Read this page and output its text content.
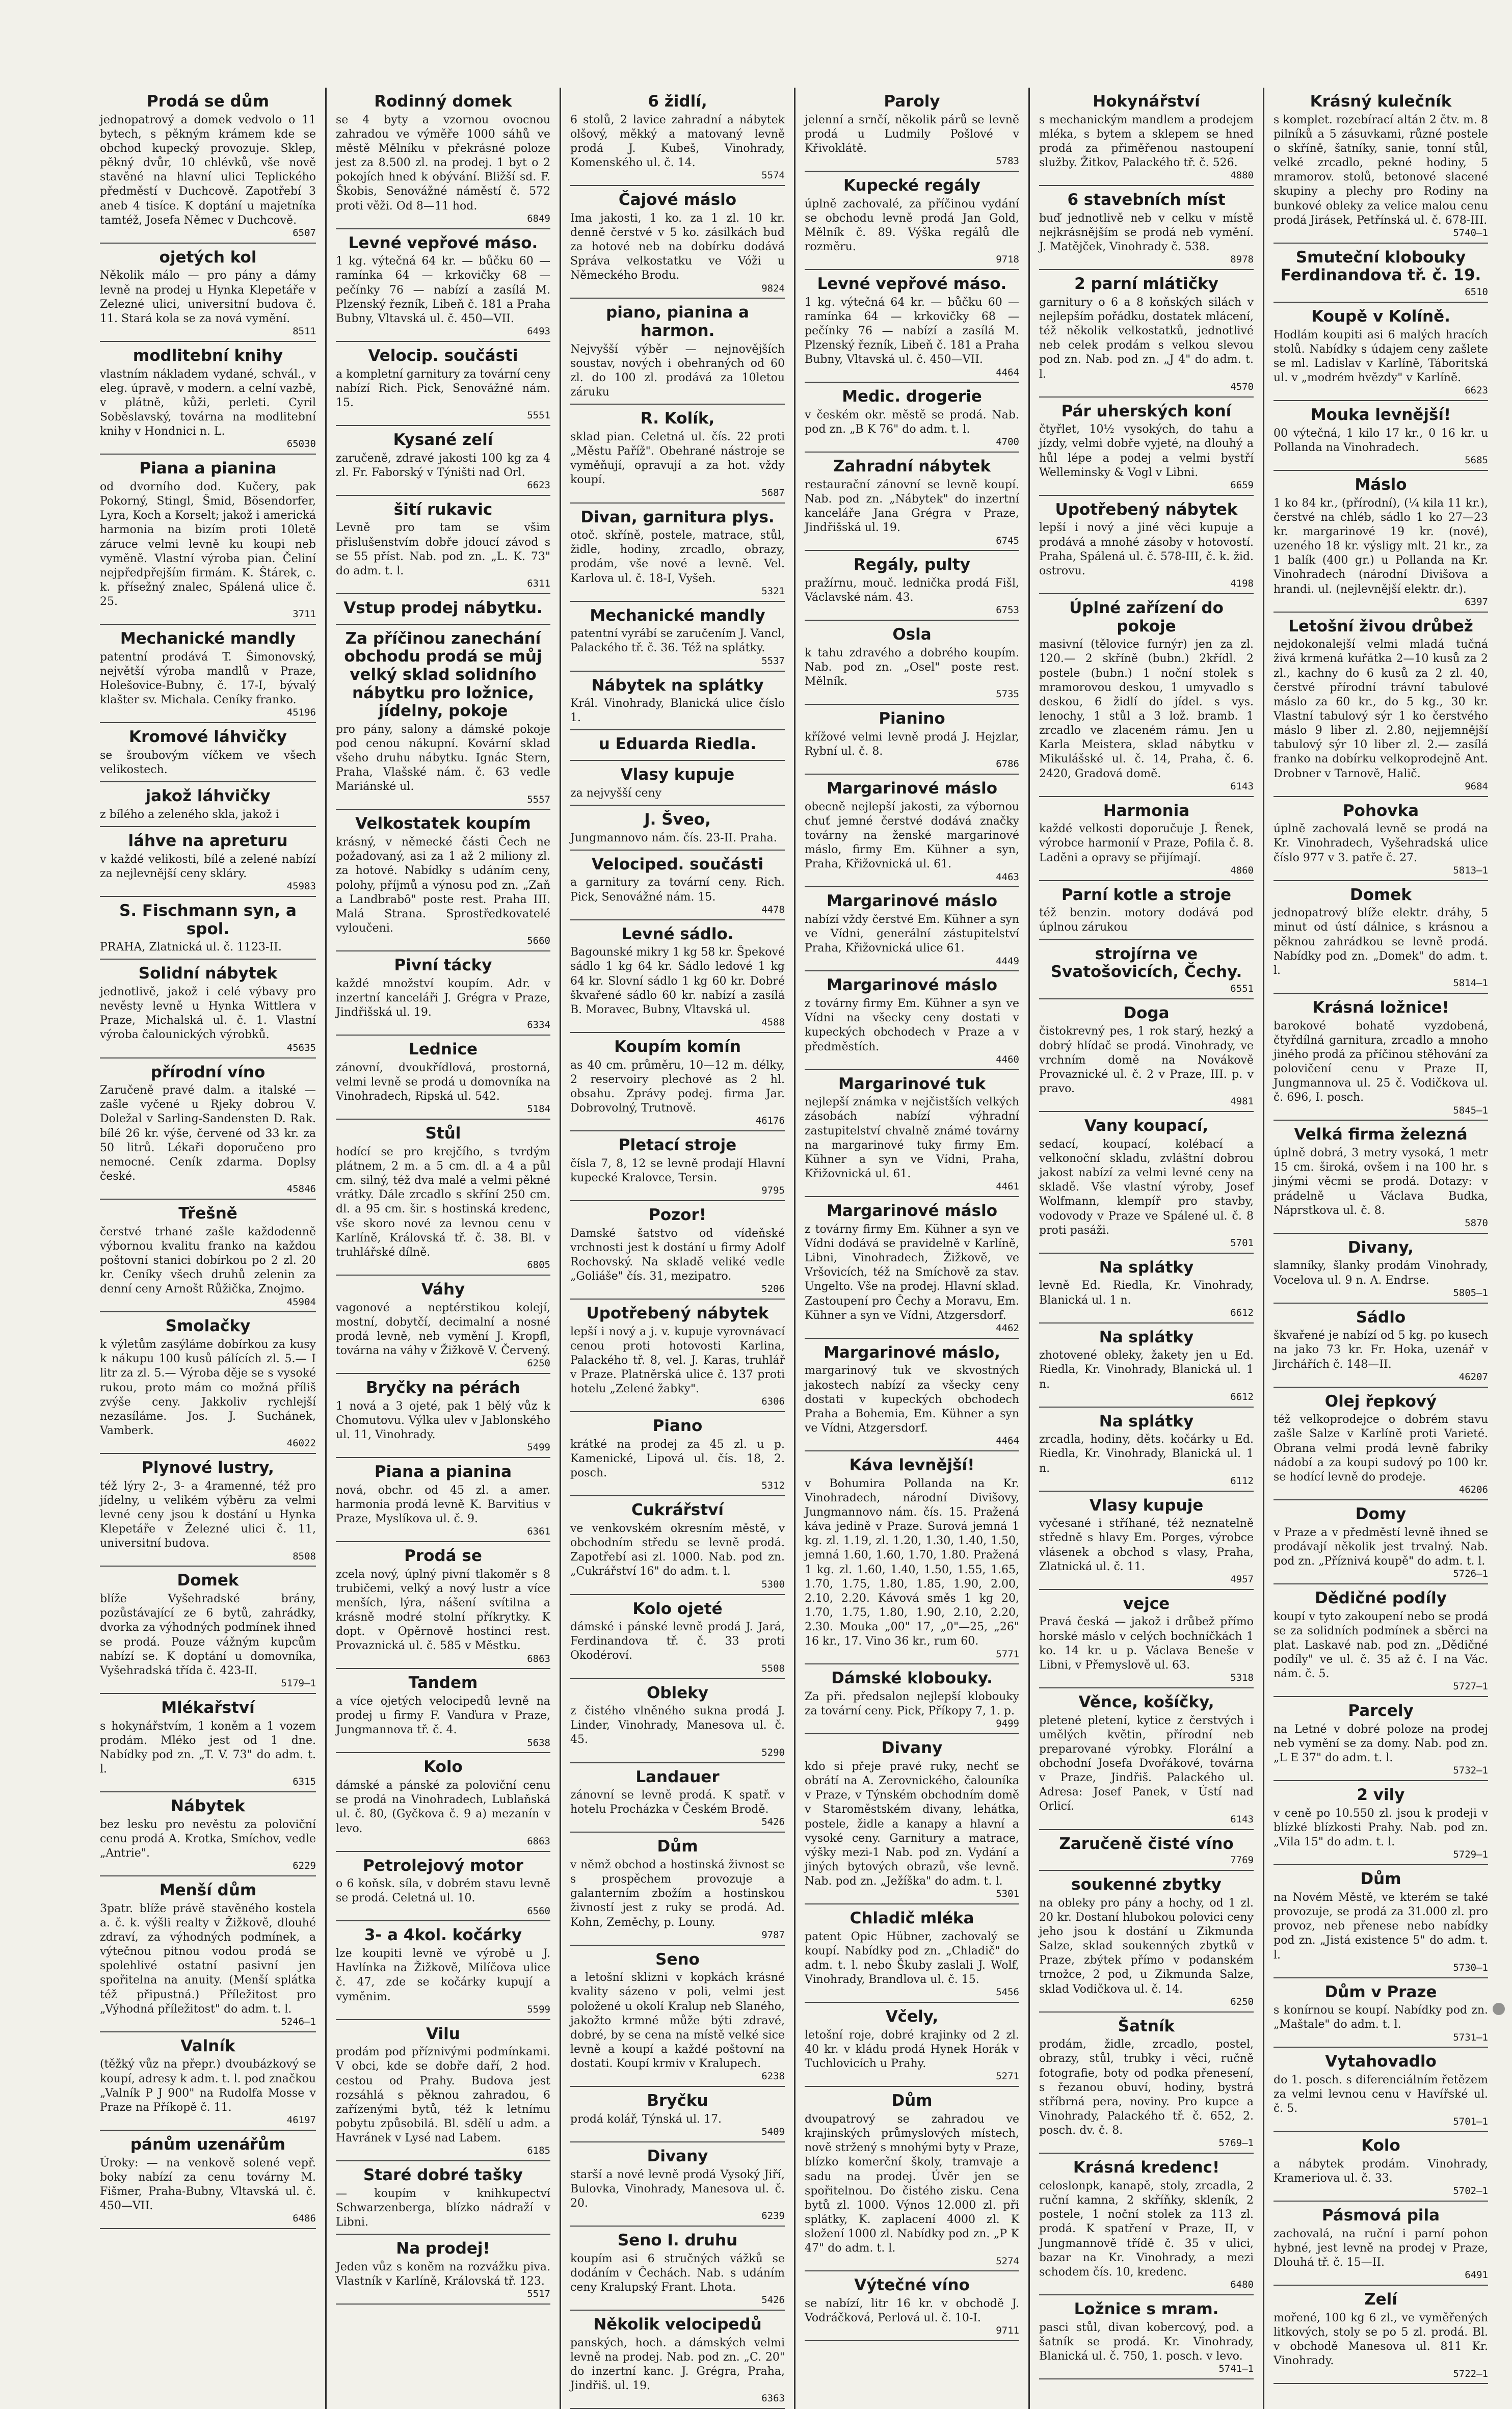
Prodá se dům
jednopatrový a domek vedvolo o 11 bytech, s pěkným krámem kde se obchod kupecký provozuje. Sklep, pěkný dvůr, 10 chlévků, vše nově stavěné na hlavní ulici Teplického předměstí v Duchcově. Zapotřebí 3 aneb 4 tisíce. K doptání u majetníka tamtéž, Josefa Němec v Duchcově.
6507
ojetých kol
Několik málo — pro pány a dámy levně na prodej u Hynka Klepetáře v Zelezné ulici, universitní budova č. 11. Stará kola se za nová vymění.
8511
modlitební knihy
vlastním nákladem vydané, schvál., v eleg. úpravě, v modern. a celní vazbě, v plátně, kůži, perleti. Cyril Soběslavský, továrna na modlitební knihy v Hondnici n. L.
65030
Piana a pianina
od dvorního dod. Kučery, pak Pokorný, Stingl, Šmid, Bösendorfer, Lyra, Koch a Korselt; jakož i americká harmonia na bizím proti 10letě záruce velmi levně ku koupi neb vyměně. Vlastní výroba pian. Čeliní nejpředpřejším firmám. K. Štárek, c. k. přísežný znalec, Spálená ulice č. 25.
3711
Mechanické mandly
patentní prodává T. Šimonovský, největší výroba mandlů v Praze, Holešovice-Bubny, č. 17-I, bývalý klašter sv. Michala. Ceníky franko.
45196
Kromové láhvičky
se šroubovým víčkem ve všech velikostech.
jakož láhvičky
z bílého a zeleného skla, jakož i
láhve na apreturu
v každé velikosti, bílé a zelené nabízí za nejlevnější ceny skláry.
45983
S. Fischmann syn, a spol.
PRAHA, Zlatnická ul. č. 1123-II.
Solidní nábytek
jednotlivě, jakož i celé výbavy pro nevěsty levně u Hynka Wittlera v Praze, Michalská ul. č. 1. Vlastní výroba čalounických výrobků.
45635
přírodní víno
Zaručeně pravé dalm. a italské — zašle vyčené u Rjeky dobrou V. Doležal v Sarling-Sandensten D. Rak. bílé 26 kr. výše, červené od 33 kr. za 50 litrů. Lékaři doporučeno pro nemocné. Ceník zdarma. Doplsy české.
45846
Třešně
čerstvé trhané zašle každodenně výbornou kvalitu franko na každou poštovní stanici dobírkou po 2 zl. 20 kr. Ceníky všech druhů zelenin za denní ceny Arnošt Růžička, Znojmo.
45904
Smolačky
k výletům zasýláme dobírkou za kusy k nákupu 100 kusů pálících zl. 5.— I litr za zl. 5.— Výroba děje se s vysoké rukou, proto mám co možná příliš zvýše ceny. Jakkoliv rychlejší nezasíláme. Jos. J. Suchánek, Vamberk.
46022
Plynové lustry,
též lýry 2-, 3- a 4ramenné, též pro jídelny, u velikém výběru za velmi levné ceny jsou k dostání u Hynka Klepetáře v Železné ulici č. 11, universitní budova.
8508
Domek
blíže Vyšehradské brány, pozůstávající ze 6 bytů, zahrádky, dvorka za výhodných podmínek ihned se prodá. Pouze vážným kupcům nabízí se. K doptání u domovníka, Vyšehradská třída č. 423-II.
5179—1
Mlékařství
s hokynářstvím, 1 koněm a 1 vozem prodám. Mléko jest od 1 dne. Nabídky pod zn. „T. V. 73" do adm. t. l.
6315
Nábytek
bez lesku pro nevěstu za poloviční cenu prodá A. Krotka, Smíchov, vedle „Antrie".
6229
Menší dům
3patr. blíže právě stavěného kostela a. č. k. výšli realty v Žižkově, dlouhé zdraví, za výhodných podmínek, a výtečnou pitnou vodou prodá se spolehlivé ostatní pasivní jen spořitelna na anuity. (Menší splátka též připustná.) Příležitost pro „Výhodná příležitost" do adm. t. l.
5246—1
Valník
(těžký vůz na přepr.) dvoubázkový se koupí, adresy k adm. t. l. pod značkou „Valník P J 900" na Rudolfa Mosse v Praze na Příkopě č. 11.
46197
pánům uzenářům
Úroky: — na venkově solené vepř. boky nabízí za cenu továrny M. Fišmer, Praha-Bubny, Vltavská ul. č. 450—VII.
6486
Rodinný domek
se 4 byty a vzornou ovocnou zahradou ve výměře 1000 sáhů ve městě Mělníku v překrásné poloze jest za 8.500 zl. na prodej. 1 byt o 2 pokojích hned k obývání. Bližší sd. F. Škobis, Senovážné náměstí č. 572 proti věži. Od 8—11 hod.
6849
Levné vepřové máso.
1 kg. výtečná 64 kr. — bůčku 60 — ramínka 64 — krkovičky 68 — pečínky 76 — nabízí a zasílá M. Plzenský řezník, Libeň č. 181 a Praha Bubny, Vltavská ul. č. 450—VII.
6493
Velocip. součásti
a kompletní garnitury za tovární ceny nabízí Rich. Pick, Senovážné nám. 15.
5551
Kysané zelí
zaručeně, zdravé jakosti 100 kg za 4 zl. Fr. Faborský v Týništi nad Orl.
6623
šití rukavic
Levně pro tam se všim přislušenstvím dobře jdoucí závod s se 55 příst. Nab. pod zn. „L. K. 73" do adm. t. l.
6311
Vstup prodej nábytku.
Za příčinou zanechání obchodu prodá se můj velký sklad solidního nábytku pro ložnice, jídelny, pokoje
pro pány, salony a dámské pokoje pod cenou nákupní. Kovární sklad všeho druhu nábytku. Ignác Stern, Praha, Vlašské nám. č. 63 vedle Mariánské ul.
5557
Velkostatek koupím
krásný, v německé části Čech ne požadovaný, asi za 1 až 2 miliony zl. za hotové. Nabídky s udáním ceny, polohy, příjmů a výnosu pod zn. „Zaň a Landbrabô" poste rest. Praha III. Malá Strana. Sprostředkovatelé vyloučeni.
5660
Pivní tácky
každé množství koupím. Adr. v inzertní kanceláři J. Grégra v Praze, Jindřišská ul. 19.
6334
Lednice
zánovní, dvoukřídlová, prostorná, velmi levně se prodá u domovníka na Vinohradech, Ripská ul. 542.
5184
Stůl
hodící se pro krejčího, s tvrdým plátnem, 2 m. a 5 cm. dl. a 4 a půl cm. silný, též dva malé a velmi pěkné vrátky. Dále zrcadlo s skříní 250 cm. dl. a 95 cm. šir. s hostinská kredenc, vše skoro nové za levnou cenu v Karlíně, Královská tř. č. 38. Bl. v truhlářské dílně.
6805
Váhy
vagonové a neptérstikou kolejí, mostní, dobytčí, decimalní a nosné prodá levně, neb vymění J. Kropfl, továrna na váhy v Žižkově V. Červený.
6250
Bryčky na pérách
1 nová a 3 ojeté, pak 1 bělý vůz k Chomutovu. Výlka ulev v Jablonského ul. 11, Vinohrady.
5499
Piana a pianina
nová, obchr. od 45 zl. a amer. harmonia prodá levně K. Barvitius v Praze, Myslíkova ul. č. 9.
6361
Prodá se
zcela nový, úplný pivní tlakoměr s 8 trubičemi, velký a nový lustr a více menších, lýra, nášení svítilna a krásně modré stolní příkrytky. K dopt. v Opěrnově hostinci rest. Provaznická ul. č. 585 v Městku.
6863
Tandem
a více ojetých velocipedů levně na prodej u firmy F. Vanďura v Praze, Jungmannova tř. č. 4.
5638
Kolo
dámské a pánské za poloviční cenu se prodá na Vinohradech, Lublaňská ul. č. 80, (Gyčkova č. 9 a) mezanín v levo.
6863
Petrolejový motor
o 6 koňsk. síla, v dobrém stavu levně se prodá. Celetná ul. 10.
6560
3- a 4kol. kočárky
lze koupiti levně ve výrobě u J. Havlínka na Žižkově, Milíčova ulice č. 47, zde se kočárky kupují a vyměnim.
5599
Vilu
prodám pod příznivými podmínkami. V obci, kde se dobře daří, 2 hod. cestou od Prahy. Budova jest rozsáhlá s pěknou zahradou, 6 zařízenými bytů, též k letnímu pobytu způsobilá. Bl. sdělí u adm. a Havránek v Lysé nad Labem.
6185
Staré dobré tašky
— koupím v knihkupectví Schwarzenberga, blízko nádraží v Libni.
Na prodej!
Jeden vůz s koněm na rozvážku piva. Vlastník v Karlíně, Královská tř. 123.
5517
6 židlí,
6 stolů, 2 lavice zahradní a nábytek olšový, měkký a matovaný levně prodá J. Kubeš, Vinohrady, Komenského ul. č. 14.
5574
Čajové máslo
Ima jakosti, 1 ko. za 1 zl. 10 kr. denně čerstvé v 5 ko. zásilkách bud za hotové neb na dobírku dodává Správa velkostatku ve Vóži u Německého Brodu.
9824
piano, pianina a harmon.
Nejvyšší výběr — nejnovějších soustav, nových i obehraných od 60 zl. do 100 zl. prodává za 10letou záruku
R. Kolík,
sklad pian. Celetná ul. čís. 22 proti „Městu Paříž". Obehrané nástroje se vyměňují, opravují a za hot. vždy koupí.
5687
Divan, garnitura plys.
otoč. skříně, postele, matrace, stůl, židle, hodiny, zrcadlo, obrazy, prodám, vše nové a levně. Vel. Karlova ul. č. 18-I, Vyšeh.
5321
Mechanické mandly
patentní vyrábí se zaručením J. Vancl, Palackého tř. č. 36. Též na splátky.
5537
Nábytek na splátky
Král. Vinohrady, Blanická ulice číslo 1.
u Eduarda Riedla.
Vlasy kupuje
za nejvyšší ceny
J. Šveo,
Jungmannovo nám. čís. 23-II. Praha.
Velociped. součásti
a garnitury za tovární ceny. Rich. Pick, Senovážné nám. 15.
4478
Levné sádlo.
Bagounské mikry 1 kg 58 kr. Špekové sádlo 1 kg 64 kr. Sádlo ledové 1 kg 64 kr. Slovní sádlo 1 kg 60 kr. Dobré škvařené sádlo 60 kr. nabízí a zasílá B. Moravec, Bubny, Vltavská ul.
4588
Koupím komín
as 40 cm. průměru, 10—12 m. délky, 2 reservoiry plechové as 2 hl. obsahu. Zprávy podej. firma Jar. Dobrovolný, Trutnově.
46176
Pletací stroje
čísla 7, 8, 12 se levně prodají Hlavní kupecké Kralovce, Tersin.
9795
Pozor!
Damské šatstvo od vídeňské vrchnosti jest k dostání u firmy Adolf Rochovský. Na skladě veliké vedle „Goliáše" čís. 31, mezipatro.
5206
Upotřebený nábytek
lepší i nový a j. v. kupuje vyrovnávací cenou proti hotovosti Karlina, Palackého tř. 8, vel. J. Karas, truhlář v Praze. Platněrská ulice č. 137 proti hotelu „Zelené žabky".
6306
Piano
krátké na prodej za 45 zl. u p. Kamenické, Lipová ul. čís. 18, 2. posch.
5312
Cukrářství
ve venkovském okresním městě, v obchodním středu se levně prodá. Zapotřebí asi zl. 1000. Nab. pod zn. „Cukrářství 16" do adm. t. l.
5300
Kolo ojeté
dámské i pánské levně prodá J. Jará, Ferdinandova tř. č. 33 proti Okodéroví.
5508
Obleky
z čistého vlněného sukna prodá J. Linder, Vinohrady, Manesova ul. č. 45.
5290
Landauer
zánovní se levně prodá. K spatř. v hotelu Procházka v Českém Brodě.
5426
Dům
v němž obchod a hostinská živnost se s prospěchem provozuje a galanterním zbožím a hostinskou živností jest z ruky se prodá. Ad. Kohn, Zeměchy, p. Louny.
9787
Seno
a letošní sklizni v kopkách krásné kvality sázeno v poli, velmi jest položené u okolí Kralup neb Slaného, jakožto krmné může býti zdravé, dobré, by se cena na místě velké sice levně a koupí a každé poštovní na dostati. Koupí krmiv v Kralupech.
6238
Bryčku
prodá kolář, Týnská ul. 17.
5409
Divany
starší a nové levně prodá Vysoký Jiří, Bulovka, Vinohrady, Manesova ul. č. 20.
6239
Seno I. druhu
koupím asi 6 stručných vážků se dodáním v Čechách. Nab. s udáním ceny Kralupský Frant. Lhota.
5426
Několik velocipedů
panských, hoch. a dámských velmi levně na prodej. Nab. pod zn. „C. 20" do inzertní kanc. J. Grégra, Praha, Jindřiš. ul. 19.
6363
Paroly
jelenní a srnčí, několik párů se levně prodá u Ludmily Pošlové v Křivoklátě.
5783
Kupecké regály
úplně zachovalé, za příčinou vydání se obchodu levně prodá Jan Gold, Mělník č. 89. Výška regálů dle rozměru.
9718
Levné vepřové máso.
1 kg. výtečná 64 kr. — bůčku 60 — ramínka 64 — krkovičky 68 — pečínky 76 — nabízí a zasílá M. Plzenský řezník, Libeň č. 181 a Praha Bubny, Vltavská ul. č. 450—VII.
4464
Medic. drogerie
v českém okr. městě se prodá. Nab. pod zn. „B K 76" do adm. t. l.
4700
Zahradní nábytek
restaurační zánovní se levně koupí. Nab. pod zn. „Nábytek" do inzertní kanceláře Jana Grégra v Praze, Jindřišská ul. 19.
6745
Regály, pulty
pražírnu, mouč. lednička prodá Fišl, Václavské nám. 43.
6753
Osla
k tahu zdravého a dobrého koupím. Nab. pod zn. „Osel" poste rest. Mělník.
5735
Pianino
křížové velmi levně prodá J. Hejzlar, Rybní ul. č. 8.
6786
Margarinové máslo
obecně nejlepší jakosti, za výbornou chuť jemné čerstvé dodává značky továrny na ženské margarinové máslo, firmy Em. Kühner a syn, Praha, Křižovnická ul. 61.
4463
Margarinové máslo
nabízí vždy čerstvé Em. Kühner a syn ve Vídni, generální zástupitelství Praha, Křižovnická ulice 61.
4449
Margarinové máslo
z továrny firmy Em. Kühner a syn ve Vídni na všecky ceny dostati v kupeckých obchodech v Praze a v předměstích.
4460
Margarinové tuk
nejlepší známka v nejčistších velkých zásobách nabízí výhradní zastupitelství chvalně známé továrny na margarinové tuky firmy Em. Kühner a syn ve Vídni, Praha, Křižovnická ul. 61.
4461
Margarinové máslo
z továrny firmy Em. Kühner a syn ve Vídni dodává se pravidelně v Karlíně, Libni, Vinohradech, Žižkově, ve Vršovicích, též na Smíchově za stav. Ungelto. Vše na prodej. Hlavní sklad. Zastoupení pro Čechy a Moravu, Em. Kühner a syn ve Vídni, Atzgersdorf.
4462
Margarinové máslo,
margarinový tuk ve skvostných jakostech nabízí za všecky ceny dostati v kupeckých obchodech Praha a Bohemia, Em. Kühner a syn ve Vídni, Atzgersdorf.
4464
Káva levnější!
v Bohumira Pollanda na Kr. Vinohradech, národní Divišovy, Jungmannovo nám. čís. 15. Pražená káva jedině v Praze. Surová jemná 1 kg. zl. 1.19, zl. 1.20, 1.30, 1.40, 1.50, jemná 1.60, 1.60, 1.70, 1.80. Pražená 1 kg. zl. 1.60, 1.40, 1.50, 1.55, 1.65, 1.70, 1.75, 1.80, 1.85, 1.90, 2.00, 2.10, 2.20. Kávová směs 1 kg 20, 1.70, 1.75, 1.80, 1.90, 2.10, 2.20, 2.30. Mouka „00" 17, „0"—25, „26" 16 kr., 17. Vino 36 kr., rum 60.
5771
Dámské klobouky.
Za při. předsalon nejlepší klobouky za tovární ceny. Pick, Příkopy 7, 1. p.
9499
Divany
kdo si přeje pravé ruky, nechť se obrátí na A. Zerovnického, čalouníka v Praze, v Týnském obchodním domě v Staroměstském divany, lehátka, postele, židle a kanapy a hlavní a vysoké ceny. Garnitury a matrace, výšky mezi-1 Nab. pod zn. Vydání a jiných bytových obrazů, vše levně. Nab. pod zn. „Ježíška" do adm. t. l.
5301
Chladič mléka
patent Opic Hübner, zachovalý se koupí. Nabídky pod zn. „Chladič" do adm. t. l. nebo Škuby zaslali J. Wolf, Vinohrady, Brandlova ul. č. 15.
5456
Včely,
letošní roje, dobré krajinky od 2 zl. 40 kr. v kládu prodá Hynek Horák v Tuchlovicích u Prahy.
5271
Dům
dvoupatrový se zahradou ve krajinských průmyslových místech, nově stržený s mnohými byty v Praze, blízko komerční školy, tramvaje a sadu na prodej. Úvěr jen se spořitelnou. Do čistého zisku. Cena bytů zl. 1000. Výnos 12.000 zl. při splátky, K. zaplacení 4000 zl. K složení 1000 zl. Nabídky pod zn. „P K 47" do adm. t. l.
5274
Výtečné víno
se nabízí, litr 16 kr. v obchodě J. Vodráčková, Perlová ul. č. 10-I.
9711
Hokynářství
s mechanickým mandlem a prodejem mléka, s bytem a sklepem se hned prodá za přiměřenou nastoupení služby. Žitkov, Palackého tř. č. 526.
4880
6 stavebních míst
buď jednotlivě neb v celku v místě nejkrásnějším se prodá neb vymění. J. Matějček, Vinohrady č. 538.
8978
2 parní mlátičky
garnitury o 6 a 8 koňských silách v nejlepším pořádku, dostatek mlácení, též několik velkostatků, jednotlivé neb celek prodám s velkou slevou pod zn. Nab. pod zn. „J 4" do adm. t. l.
4570
Pár uherských koní
čtyřlet, 10½ vysokých, do tahu a jízdy, velmi dobře vyjeté, na dlouhý a hůl lépe a podej a velmi bystří Welleminsky & Vogl v Libni.
6659
Upotřebený nábytek
lepší i nový a jiné věci kupuje a prodává a mnohé zásoby v hotovostí. Praha, Spálená ul. č. 578-III, č. k. žid. ostrovu.
4198
Úplné zařízení do pokoje
masivní (tělovice furnýr) jen za zl. 120.— 2 skříně (bubn.) 2křídl. 2 postele (bubn.) 1 noční stolek s mramorovou deskou, 1 umyvadlo s deskou, 6 židlí do jídel. s vys. lenochy, 1 stůl a 3 lož. bramb. 1 zrcadlo ve zlaceném rámu. Jen u Karla Meistera, sklad nábytku v Mikulášské ul. č. 14, Praha, č. 6. 2420, Gradová domě.
6143
Harmonia
každé velkosti doporučuje J. Řenek, výrobce harmonií v Praze, Pofila č. 8. Laděni a opravy se přijímají.
4860
Parní kotle a stroje
též benzin. motory dodává pod úplnou zárukou
strojírna ve Svatošovicích, Čechy.
6551
Doga
čistokrevný pes, 1 rok starý, hezký a dobrý hlídač se prodá. Vinohrady, ve vrchním domě na Novákově Provaznické ul. č. 2 v Praze, III. p. v pravo.
4981
Vany koupací,
sedací, koupací, kolébací a velkonoční skladu, zvláštní dobrou jakost nabízí za velmi levné ceny na skladě. Vše vlastní výroby, Josef Wolfmann, klempíř pro stavby, vodovody v Praze ve Spálené ul. č. 8 proti pasáži.
5701
Na splátky
levně Ed. Riedla, Kr. Vinohrady, Blanická ul. 1 n.
6612
Na splátky
zhotovené obleky, žakety jen u Ed. Riedla, Kr. Vinohrady, Blanická ul. 1 n.
6612
Na splátky
zrcadla, hodiny, děts. kočárky u Ed. Riedla, Kr. Vinohrady, Blanická ul. 1 n.
6112
Vlasy kupuje
vyčesané i stříhané, též neznatelně středně s hlavy Em. Porges, výrobce vlásenek a obchod s vlasy, Praha, Zlatnická ul. č. 11.
4957
vejce
Pravá česká — jakož i drůbež přímo horské máslo v celých bochníčkách 1 ko. 14 kr. u p. Václava Beneše v Libni, v Přemyslově ul. 63.
5318
Věnce, košíčky,
pletené pletení, kytice z čerstvých i umělých květin, přírodní neb preparované výrobky. Florální a obchodní Josefa Dvořákové, továrna v Praze, Jindřiš. Palackého ul. Adresa: Josef Panek, v Ústí nad Orlicí.
6143
Zaručeně čisté víno
7769
soukenné zbytky
na obleky pro pány a hochy, od 1 zl. 20 kr. Dostaní hlubokou polovici ceny jeho jsou k dostání u Zikmunda Salze, sklad soukenných zbytků v Praze, zbýtek přímo v podanském trnožce, 2 pod, u Zikmunda Salze, sklad Vodičkova ul. č. 14.
6250
Šatník
prodám, židle, zrcadlo, postel, obrazy, stůl, trubky i věci, ručně fotografie, boty od podka přenesení, s řezanou obuví, hodiny, bystrá stříbrná pera, noviny. Pro kupce a Vinohrady, Palackého tř. č. 652, 2. posch. dv. č. 8.
5769—1
Krásná kredenc!
celoslonpk, kanapě, stoly, zrcadla, 2 ruční kamna, 2 skříňky, skleník, 2 postele, 1 noční stolek za 113 zl. prodá. K spatření v Praze, II, v Jungmannově třídě č. 35 v ulici, bazar na Kr. Vinohrady, a mezi schodem čís. 10, kredenc.
6480
Ložnice s mram.
pasci stůl, divan kobercový, pod. a šatník se prodá. Kr. Vinohrady, Blanická ul. č. 750, 1. posch. v levo.
5741—1
Krásný kulečník
s komplet. rozebírací altán 2 čtv. m. 8 pilníků a 5 zásuvkami, různé postele o skříně, šatníky, sanie, tonní stůl, velké zrcadlo, pekné hodiny, 5 mramorov. stolů, betonové slacené skupiny a plechy pro Rodiny na bunkové obleky za velice malou cenu prodá Jirásek, Petřínská ul. č. 678-III.
5740—1
Smuteční klobouky Ferdinandova tř. č. 19.
6510
Koupě v Kolíně.
Hodlám koupiti asi 6 malých hracích stolů. Nabídky s údajem ceny zašlete se ml. Ladislav v Karlíně, Táboritská ul. v „modrém hvězdy" v Karlíně.
6623
Mouka levnější!
00 výtečná, 1 kilo 17 kr., 0 16 kr. u Pollanda na Vinohradech.
5685
Máslo
1 ko 84 kr., (přírodní), (¼ kila 11 kr.), čerstvé na chléb, sádlo 1 ko 27—23 kr. margarinové 19 kr. (nové), uzeného 18 kr. výsligy mlt. 21 kr., za 1 balík (400 gr.) u Pollanda na Kr. Vinohradech (národní Divišova a hrandi. ul. (nejlevnější elektr. dr.).
6397
Letošní živou drůbež
nejdokonalejší velmi mladá tučná živá krmená kuřátka 2—10 kusů za 2 zl., kachny do 6 kusů za 2 zl. 40, čerstvé přírodní trávní tabulové máslo za 60 kr., do 5 kg., 30 kr. Vlastní tabulový sýr 1 ko čerstvého máslo 9 liber zl. 2.80, nejjemnější tabulový sýr 10 liber zl. 2.— zasílá franko na dobírku velkoprodejně Ant. Drobner v Tarnově, Halič.
9684
Pohovka
úplně zachovalá levně se prodá na Kr. Vinohradech, Vyšehradská ulice číslo 977 v 3. patře č. 27.
5813—1
Domek
jednopatrový blíže elektr. dráhy, 5 minut od ústí dálnice, s krásnou a pěknou zahrádkou se levně prodá. Nabídky pod zn. „Domek" do adm. t. l.
5814—1
Krásná ložnice!
barokové bohatě vyzdobená, čtyřdílná garnitura, zrcadlo a mnoho jiného prodá za příčinou stěhování za polovičení cenu v Praze II, Jungmannova ul. 25 č. Vodičkova ul. č. 696, I. posch.
5845—1
Velká firma železná
úplně dobrá, 3 metry vysoká, 1 metr 15 cm. široká, ovšem i na 100 hr. s jinými věcmi se prodá. Dotazy: v prádelně u Václava Budka, Náprstkova ul. č. 8.
5870
Divany,
slamníky, šlanky prodám Vinohrady, Vocelova ul. 9 n. A. Endrse.
5805—1
Sádlo
škvařené je nabízí od 5 kg. po kusech na jako 73 kr. Fr. Hoka, uzenář v Jirchářích č. 148—II.
46207
Olej řepkový
též velkoprodejce o dobrém stavu zašle Salze v Karlíně proti Varieté. Obrana velmi prodá levně fabriky nádobí a za koupi sudový po 100 kr. se hodící levně do prodeje.
46206
Domy
v Praze a v předměstí levně ihned se prodávají několik jest trvalný. Nab. pod zn. „Příznivá koupě" do adm. t. l.
5726—1
Dědičné podíly
koupí v tyto zakoupení nebo se prodá se za solidních podmínek a sběrci na plat. Laskavé nab. pod zn. „Dědičné podíly" ve ul. č. 35 až č. I na Vác. nám. č. 5.
5727—1
Parcely
na Letné v dobré poloze na prodej neb vymění se za domy. Nab. pod zn. „L E 37" do adm. t. l.
5732—1
2 vily
v ceně po 10.550 zl. jsou k prodeji v blízké blízkosti Prahy. Nab. pod zn. „Vila 15" do adm. t. l.
5729—1
Dům
na Novém Městě, ve kterém se také provozuje, se prodá za 31.000 zl. pro provoz, neb přenese nebo nabídky pod zn. „Jistá existence 5" do adm. t. l.
5730—1
Dům v Praze
s konírnou se koupí. Nabídky pod zn. „Maštale" do adm. t. l.
5731—1
Vytahovadlo
do 1. posch. s diferenciálním řetězem za velmi levnou cenu v Havířské ul. č. 5.
5701—1
Kolo
a nábytek prodám. Vinohrady, Krameriova ul. č. 33.
5702—1
Pásmová pila
zachovalá, na ruční i parní pohon hybné, jest levně na prodej v Praze, Dlouhá tř. č. 15—II.
6491
Zelí
mořené, 100 kg 6 zl., ve vyměřených litkových, stoly se po 5 zl. prodá. Bl. v obchodě Manesova ul. 811 Kr. Vinohrady.
5722—1
